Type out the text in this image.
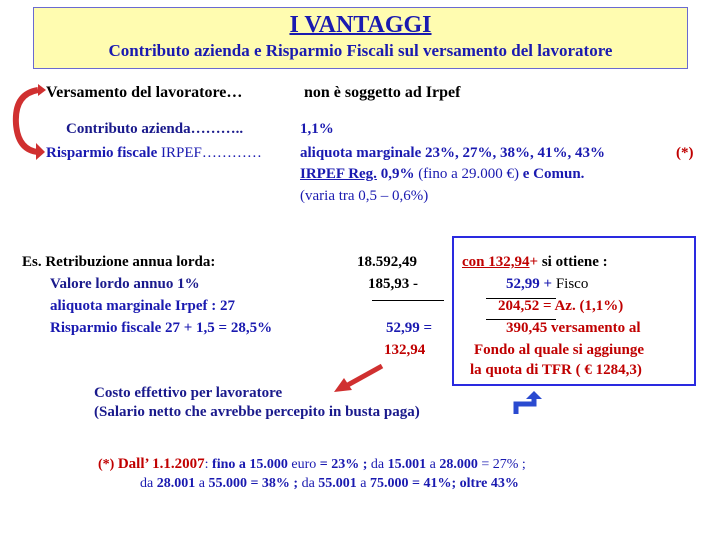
I VANTAGGI
Contributo azienda e Risparmio Fiscali sul versamento del lavoratore
Versamento del lavoratore…	non è soggetto ad Irpef
Contributo azienda………..	1,1%
Risparmio fiscale IRPEF…………	aliquota marginale 23%, 27%, 38%, 41%, 43%	(*)
IRPEF Reg. 0,9% (fino a 29.000 €) e Comun.
(varia tra 0,5 – 0,6%)
Es. Retribuzione annua lorda:	18.592,49
Valore lordo annuo 1%	185,93 -
aliquota marginale Irpef : 27
Risparmio fiscale 27 + 1,5 = 28,5%	52,99 =
132,94
con 132,94+ si ottiene :
52,99 + Fisco
204,52 = Az. (1,1%)
390,45 versamento al
Fondo al quale si aggiunge
la quota di TFR ( € 1284,3)
Costo effettivo per lavoratore
(Salario netto che avrebbe percepito in busta paga)
(*) Dall’ 1.1.2007: fino a 15.000 euro = 23% ; da 15.001 a 28.000 = 27% ;
da 28.001 a 55.000 = 38% ; da 55.001 a 75.000 = 41%; oltre 43%
